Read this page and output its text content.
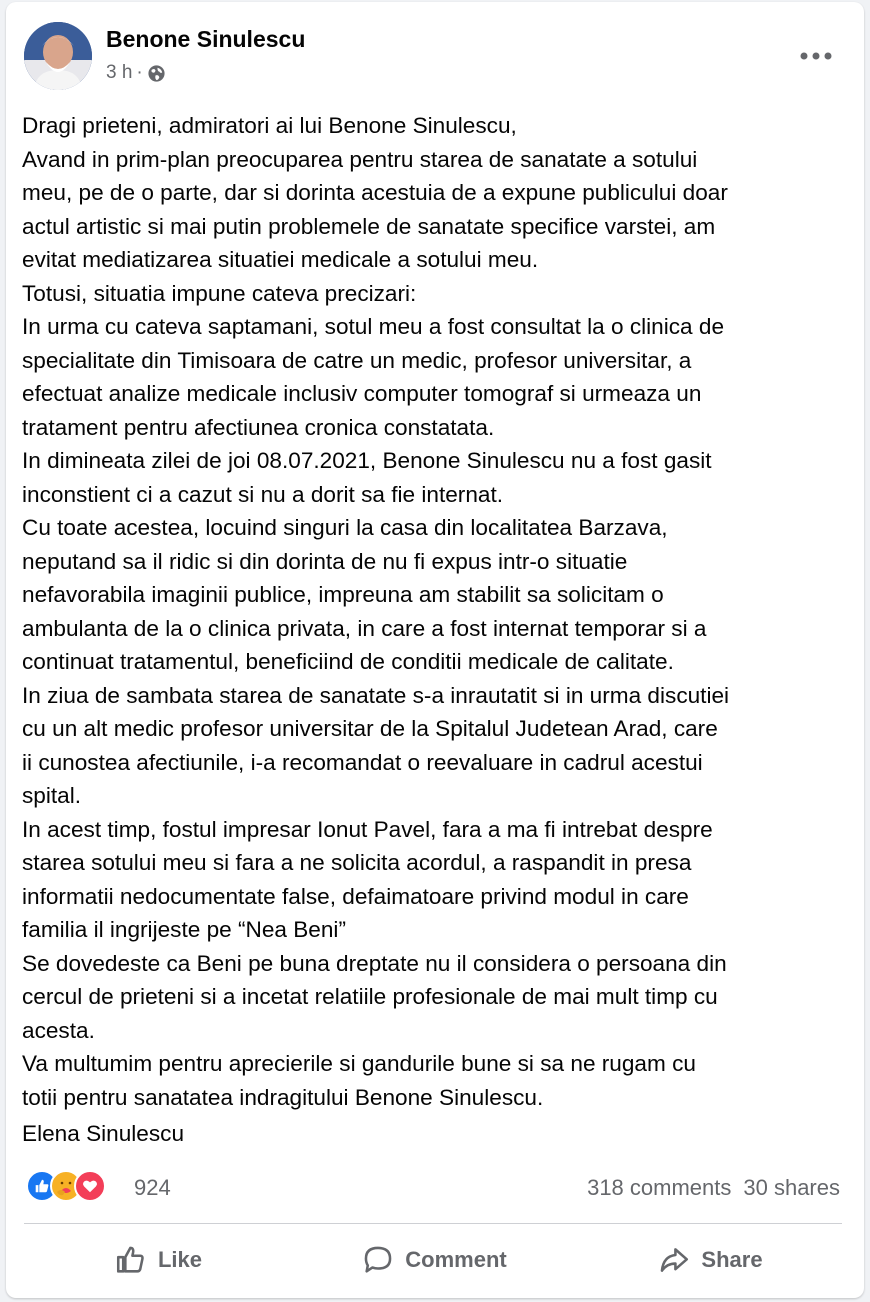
Benone Sinulescu
3 h ·

Dragi prieteni, admiratori ai lui Benone Sinulescu,

Avand in prim-plan preocuparea pentru starea de sanatate a sotului

meu, pe de o parte, dar si dorinta acestuia de a expune publicului doar

actul artistic si mai putin problemele de sanatate specifice varstei, am

evitat mediatizarea situatiei medicale a sotului meu.

Totusi, situatia impune cateva precizari:

In urma cu cateva saptamani, sotul meu a fost consultat la o clinica de

specialitate din Timisoara de catre un medic, profesor universitar, a

efectuat analize medicale inclusiv computer tomograf si urmeaza un

tratament pentru afectiunea cronica constatata.

In dimineata zilei de joi 08.07.2021, Benone Sinulescu nu a fost gasit

inconstient ci a cazut si nu a dorit sa fie internat.

Cu toate acestea, locuind singuri la casa din localitatea Barzava,

neputand sa il ridic si din dorinta de nu fi expus intr-o situatie

nefavorabila imaginii publice, impreuna am stabilit sa solicitam o

ambulanta de la o clinica privata, in care a fost internat temporar si a

continuat tratamentul, beneficiind de conditii medicale de calitate.

In ziua de sambata starea de sanatate s-a inrautatit si in urma discutiei

cu un alt medic profesor universitar de la Spitalul Judetean Arad, care

ii cunostea afectiunile, i-a recomandat o reevaluare in cadrul acestui

spital.

In acest timp, fostul impresar Ionut Pavel, fara a ma fi intrebat despre

starea sotului meu si fara a ne solicita acordul, a raspandit in presa

informatii nedocumentate false, defaimatoare privind modul in care

familia il ingrijeste pe “Nea Beni”

Se dovedeste ca Beni pe buna dreptate nu il considera o persoana din

cercul de prieteni si a incetat relatiile profesionale de mai mult timp cu

acesta.

Va multumim pentru aprecierile si gandurile bune si sa ne rugam cu

totii pentru sanatatea indragitului Benone Sinulescu.

Elena Sinulescu
924	318 comments 30 shares
Like	Comment	Share
